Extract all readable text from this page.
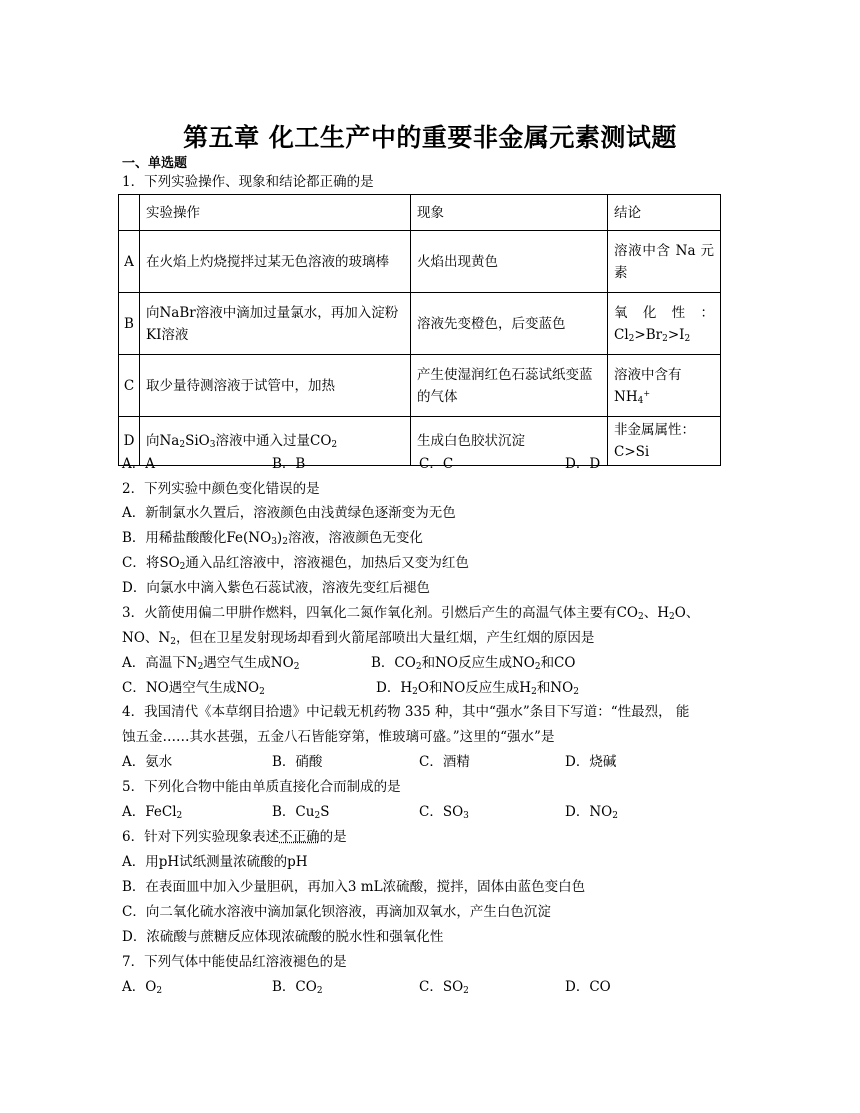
第五章 化工生产中的重要非金属元素测试题
一、单选题
1．下列实验操作、现象和结论都正确的是
	实验操作	现象	结论
A	在火焰上灼烧搅拌过某无色溶液的玻璃棒	火焰出现黄色	溶液中含 Na 元素
B	向NaBr溶液中滴加过量氯水，再加入淀粉KI溶液	溶液先变橙色，后变蓝色	氧 化 性 ：
$Cl_2>Br_2>I_2$

C	取少量待测溶液于试管中，加热	产生使湿润红色石蕊试纸变蓝的气体	溶液中含有$NH_4^+$
D	向$Na_2SiO_3$溶液中通入过量$CO_2$	生成白色胶状沉淀	非金属属性：C>Si
A．A	B．B	C．C	D．D
2．下列实验中颜色变化错误的是
A．新制氯水久置后，溶液颜色由浅黄绿色逐渐变为无色
B．用稀盐酸酸化$Fe(NO_3)_2$溶液，溶液颜色无变化
C．将$SO_2$通入品红溶液中，溶液褪色，加热后又变为红色
D．向氯水中滴入紫色石蕊试液，溶液先变红后褪色
3．火箭使用偏二甲肼作燃料，四氧化二氮作氧化剂。引燃后产生的高温气体主要有$CO_2$、$H_2O$、
NO、$N_2$，但在卫星发射现场却看到火箭尾部喷出大量红烟，产生红烟的原因是
A．高温下$N_2$遇空气生成$NO_2$	B．$CO_2$和NO反应生成$NO_2$和CO
C．NO遇空气生成$NO_2$	D．$H_2O$和NO反应生成$H_2$和$NO_2$
4．我国清代《本草纲目拾遗》中记载无机药物 335 种，其中“强水”条目下写道：“性最烈， 能
蚀五金……其水甚强，五金八石皆能穿第，惟玻璃可盛。”这里的“强水”是
A．氨水	B．硝酸	C．酒精	D．烧碱
5．下列化合物中能由单质直接化合而制成的是
A．FeCl$_2$	B．$Cu_2S$	C．$SO_3$	D．$NO_2$
6．针对下列实验现象表述不正确的是
A．用pH试纸测量浓硫酸的pH
B．在表面皿中加入少量胆矾，再加入3 mL浓硫酸，搅拌，固体由蓝色变白色
C．向二氧化硫水溶液中滴加氯化钡溶液，再滴加双氧水，产生白色沉淀
D．浓硫酸与蔗糖反应体现浓硫酸的脱水性和强氧化性
7．下列气体中能使品红溶液褪色的是
A．$O_2$	B．$CO_2$	C．$SO_2$	D．CO
